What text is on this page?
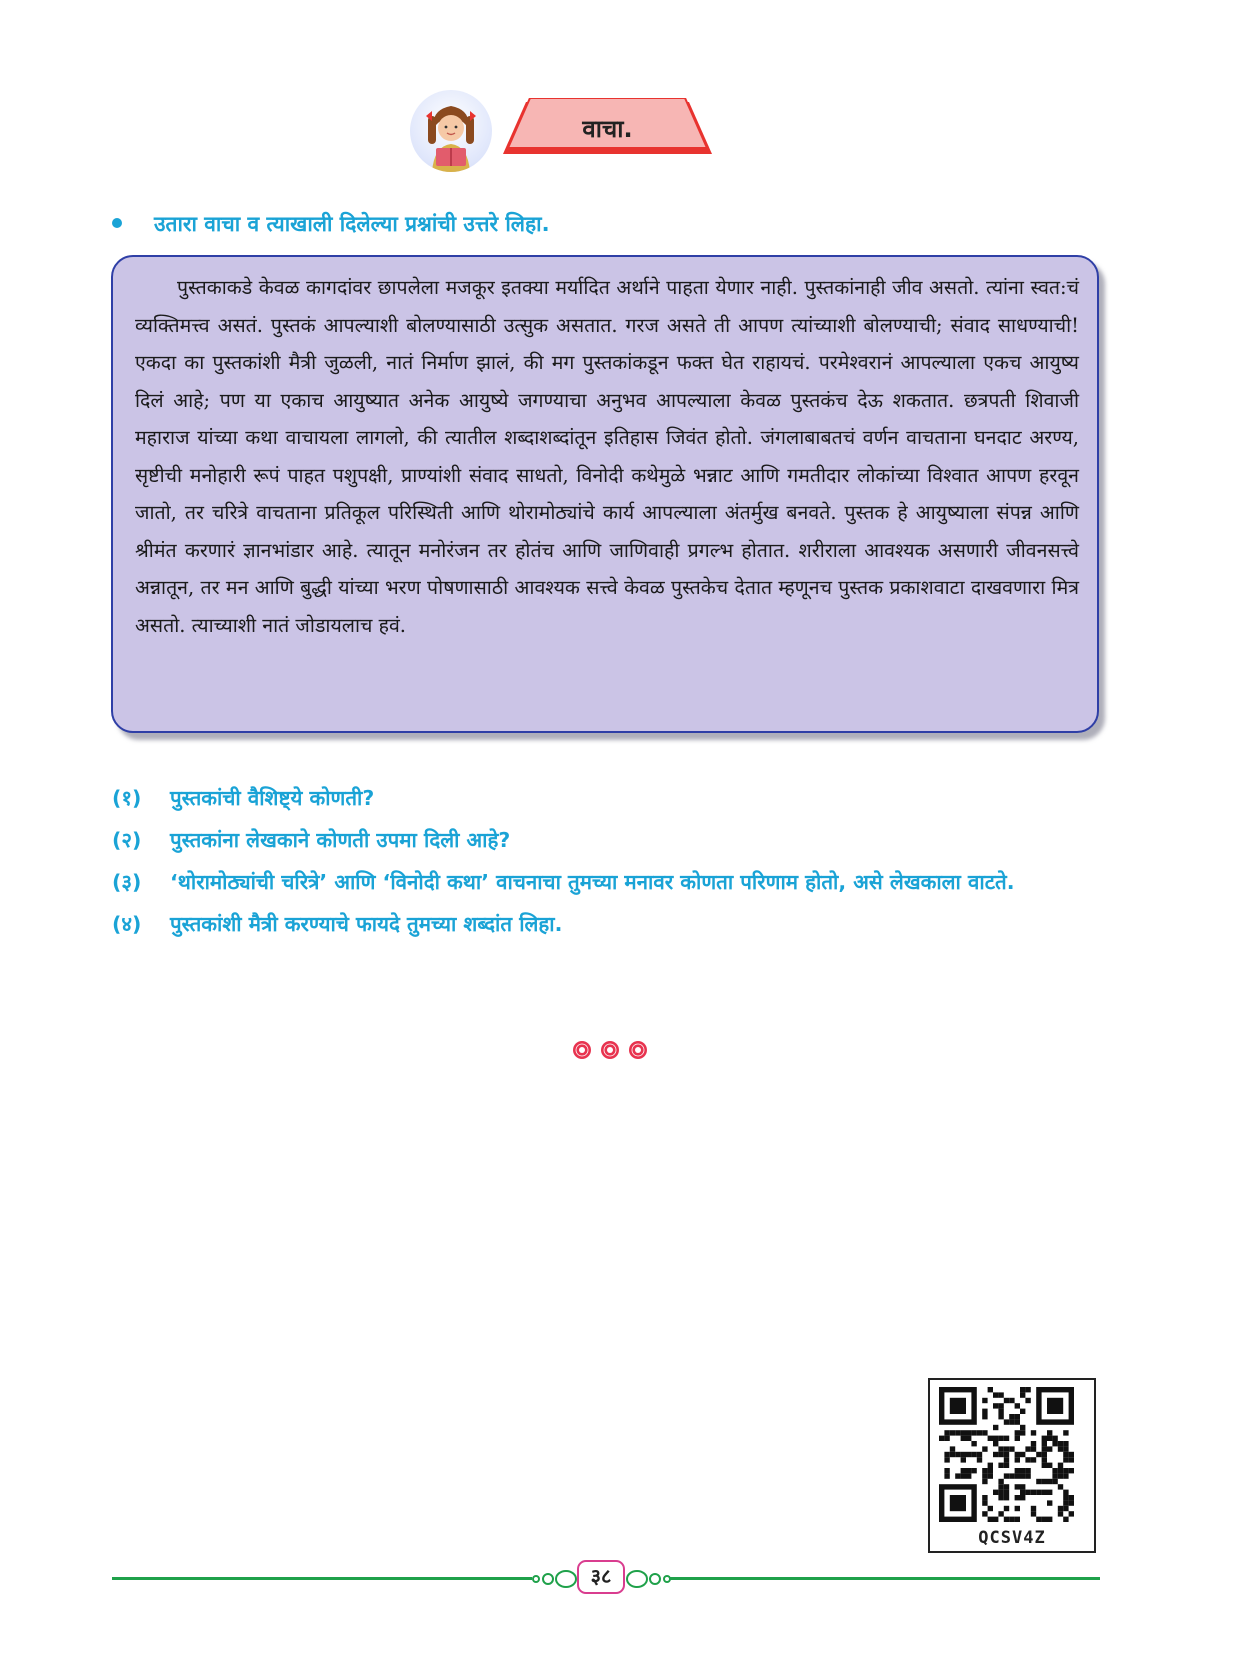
वाचा.
उतारा वाचा व त्याखाली दिलेल्या प्रश्नांची उत्तरे लिहा.

पुस्तकाकडे केवळ कागदांवर छापलेला मजकूर इतक्या मर्यादित अर्थाने पाहता येणार नाही. पुस्तकांनाही जीव असतो. त्यांना स्वत:चं व्यक्तिमत्त्व असतं. पुस्तकं आपल्याशी बोलण्यासाठी उत्सुक असतात. गरज असते ती आपण त्यांच्याशी बोलण्याची; संवाद साधण्याची! एकदा का पुस्तकांशी मैत्री जुळली, नातं निर्माण झालं, की मग पुस्तकांकडून फक्त घेत राहायचं. परमेश्वरानं आपल्याला एकच आयुष्य दिलं आहे; पण या एकाच आयुष्यात अनेक आयुष्ये जगण्याचा अनुभव आपल्याला केवळ पुस्तकंच देऊ शकतात. छत्रपती शिवाजी महाराज यांच्या कथा वाचायला लागलो, की त्यातील शब्दाशब्दांतून इतिहास जिवंत होतो. जंगलाबाबतचं वर्णन वाचताना घनदाट अरण्य, सृष्टीची मनोहारी रूपं पाहत पशुपक्षी, प्राण्यांशी संवाद साधतो, विनोदी कथेमुळे भन्नाट आणि गमतीदार लोकांच्या विश्वात आपण हरवून जातो, तर चरित्रे वाचताना प्रतिकूल परिस्थिती आणि थोरामोठ्यांचे कार्य आपल्याला अंतर्मुख बनवते. पुस्तक हे आयुष्याला संपन्न आणि श्रीमंत करणारं ज्ञानभांडार आहे. त्यातून मनोरंजन तर होतंच आणि जाणिवाही प्रगल्भ होतात. शरीराला आवश्यक असणारी जीवनसत्त्वे अन्नातून, तर मन आणि बुद्धी यांच्या भरण पोषणासाठी आवश्यक सत्त्वे केवळ पुस्तकेच देतात म्हणूनच पुस्तक प्रकाशवाटा दाखवणारा मित्र असतो. त्याच्याशी नातं जोडायलाच हवं.

(१)	पुस्तकांची वैशिष्ट्ये कोणती?
(२)	पुस्तकांना लेखकाने कोणती उपमा दिली आहे?
(३)	‘थोरामोठ्यांची चरित्रे’ आणि ‘विनोदी कथा’ वाचनाचा तुमच्या मनावर कोणता परिणाम होतो, असे लेखकाला वाटते.
(४)	पुस्तकांशी मैत्री करण्याचे फायदे तुमच्या शब्दांत लिहा.
QCSV4Z
३८
